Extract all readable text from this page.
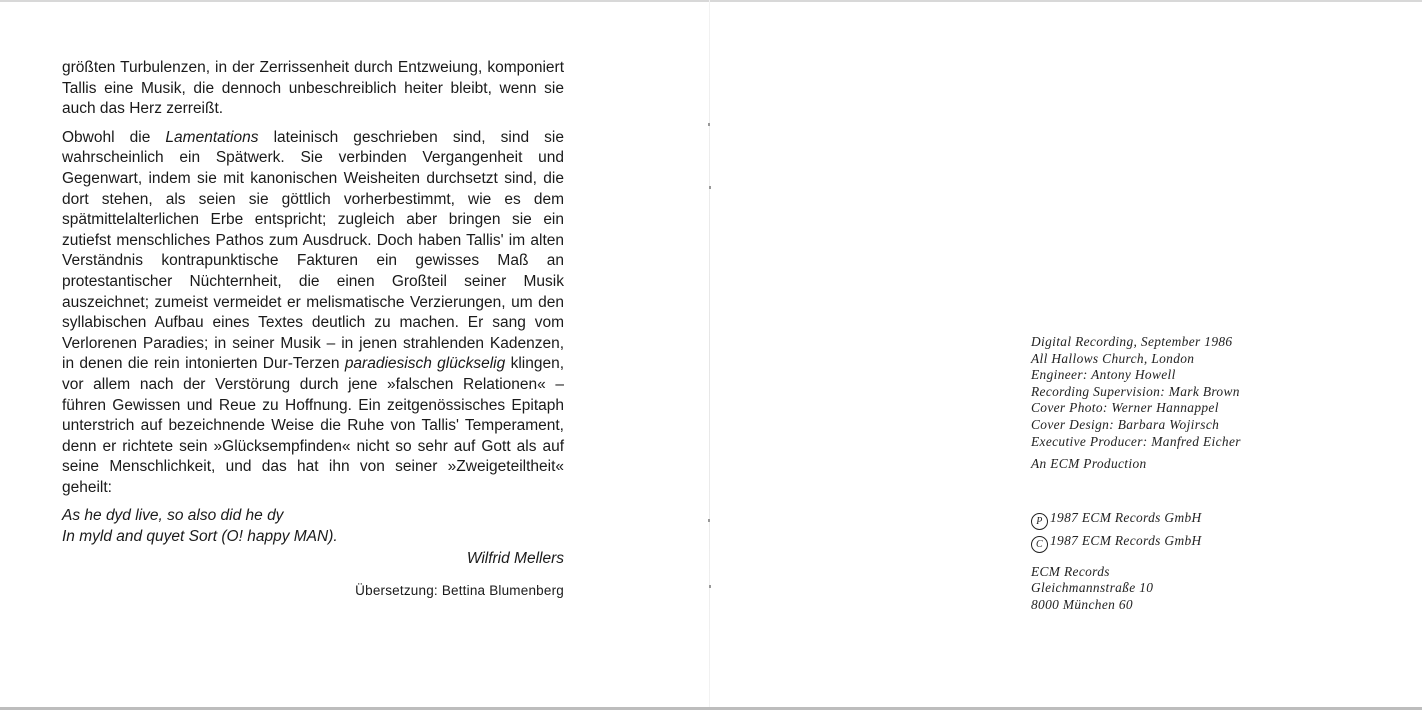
größten Turbulenzen, in der Zerrissenheit durch Entzweiung, komponiert Tallis eine Musik, die dennoch unbeschreiblich heiter bleibt, wenn sie auch das Herz zerreißt.

Obwohl die Lamentations lateinisch geschrieben sind, sind sie wahrscheinlich ein Spätwerk. Sie verbinden Vergangenheit und Gegenwart, indem sie mit kanonischen Weisheiten durchsetzt sind, die dort stehen, als seien sie göttlich vorherbestimmt, wie es dem spätmittelalterlichen Erbe entspricht; zugleich aber bringen sie ein zutiefst menschliches Pathos zum Ausdruck. Doch haben Tallis' im alten Verständnis kontrapunktische Fakturen ein gewisses Maß an protestantischer Nüchternheit, die einen Großteil seiner Musik auszeichnet; zumeist vermeidet er melismatische Verzierungen, um den syllabischen Aufbau eines Textes deutlich zu machen. Er sang vom Verlorenen Paradies; in seiner Musik – in jenen strahlenden Kadenzen, in denen die rein intonierten Dur-Terzen paradiesisch glückselig klingen, vor allem nach der Verstörung durch jene »falschen Relationen« – führen Gewissen und Reue zu Hoffnung. Ein zeitgenössisches Epitaph unterstrich auf bezeichnende Weise die Ruhe von Tallis' Temperament, denn er richtete sein »Glücksempfinden« nicht so sehr auf Gott als auf seine Menschlichkeit, und das hat ihn von seiner »Zweigeteiltheit« geheilt:

As he dyd live, so also did he dy
In myld and quyet Sort (O! happy MAN).
Wilfrid Mellers
Übersetzung: Bettina Blumenberg
Digital Recording, September 1986
All Hallows Church, London
Engineer: Antony Howell
Recording Supervision: Mark Brown
Cover Photo: Werner Hannappel
Cover Design: Barbara Wojirsch
Executive Producer: Manfred Eicher
An ECM Production
P 1987 ECM Records GmbH
C 1987 ECM Records GmbH
ECM Records
Gleichmannstraße 10
8000 München 60
